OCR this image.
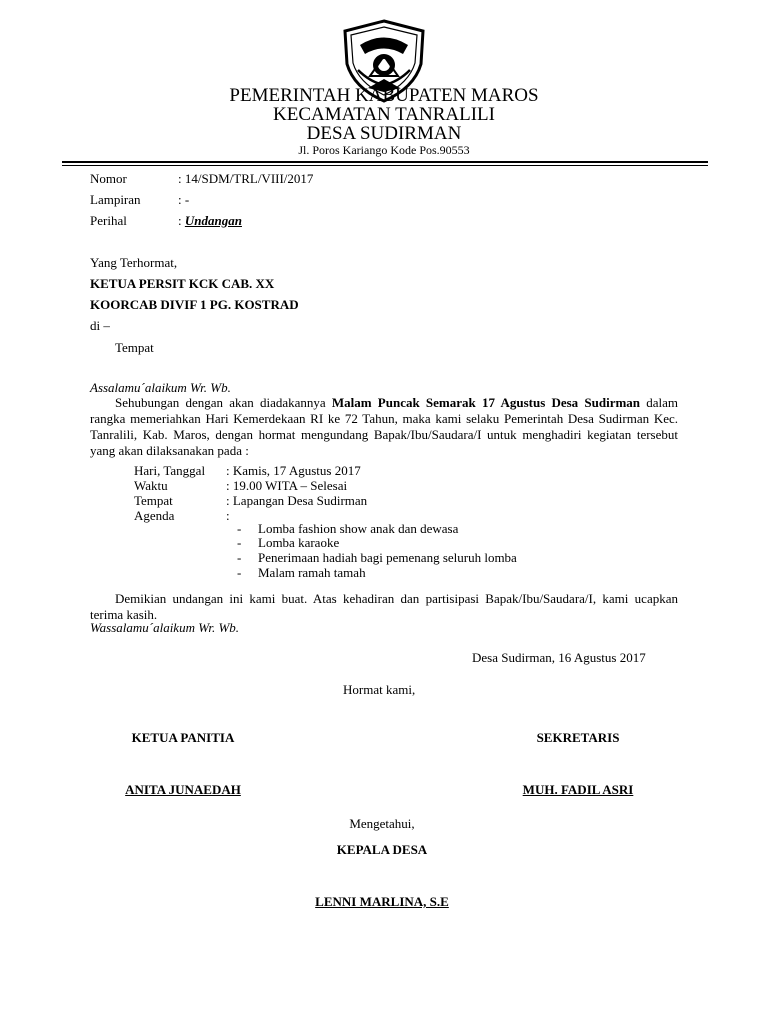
PEMERINTAH KABUPATEN MAROS
KECAMATAN TANRALILI
DESA SUDIRMAN
Jl. Poros Kariango Kode Pos.90553
Nomor	: 14/SDM/TRL/VIII/2017
Lampiran	: -
Perihal	: Undangan
Yang Terhormat,
KETUA PERSIT KCK CAB. XX
KOORCAB DIVIF 1 PG. KOSTRAD
di –
Tempat
Assalamu´alaikum Wr. Wb.
Sehubungan dengan akan diadakannya Malam Puncak Semarak 17 Agustus Desa Sudirman dalam rangka memeriahkan Hari Kemerdekaan RI ke 72 Tahun, maka kami selaku Pemerintah Desa Sudirman Kec. Tanralili, Kab. Maros, dengan hormat mengundang Bapak/Ibu/Saudara/I untuk menghadiri kegiatan tersebut yang akan dilaksanakan pada :
Hari, Tanggal : Kamis, 17 Agustus 2017
Waktu	: 19.00 WITA – Selesai
Tempat	: Lapangan Desa Sudirman
Agenda	:
- Lomba fashion show anak dan dewasa
- Lomba karaoke
- Penerimaan hadiah bagi pemenang seluruh lomba
- Malam ramah tamah
Demikian undangan ini kami buat. Atas kehadiran dan partisipasi Bapak/Ibu/Saudara/I, kami ucapkan terima kasih.
Wassalamu´alaikum Wr. Wb.
Desa Sudirman, 16 Agustus 2017
Hormat kami,
KETUA PANITIA
ANITA JUNAEDAH
SEKRETARIS
MUH. FADIL ASRI
Mengetahui,
KEPALA DESA
LENNI MARLINA, S.E
